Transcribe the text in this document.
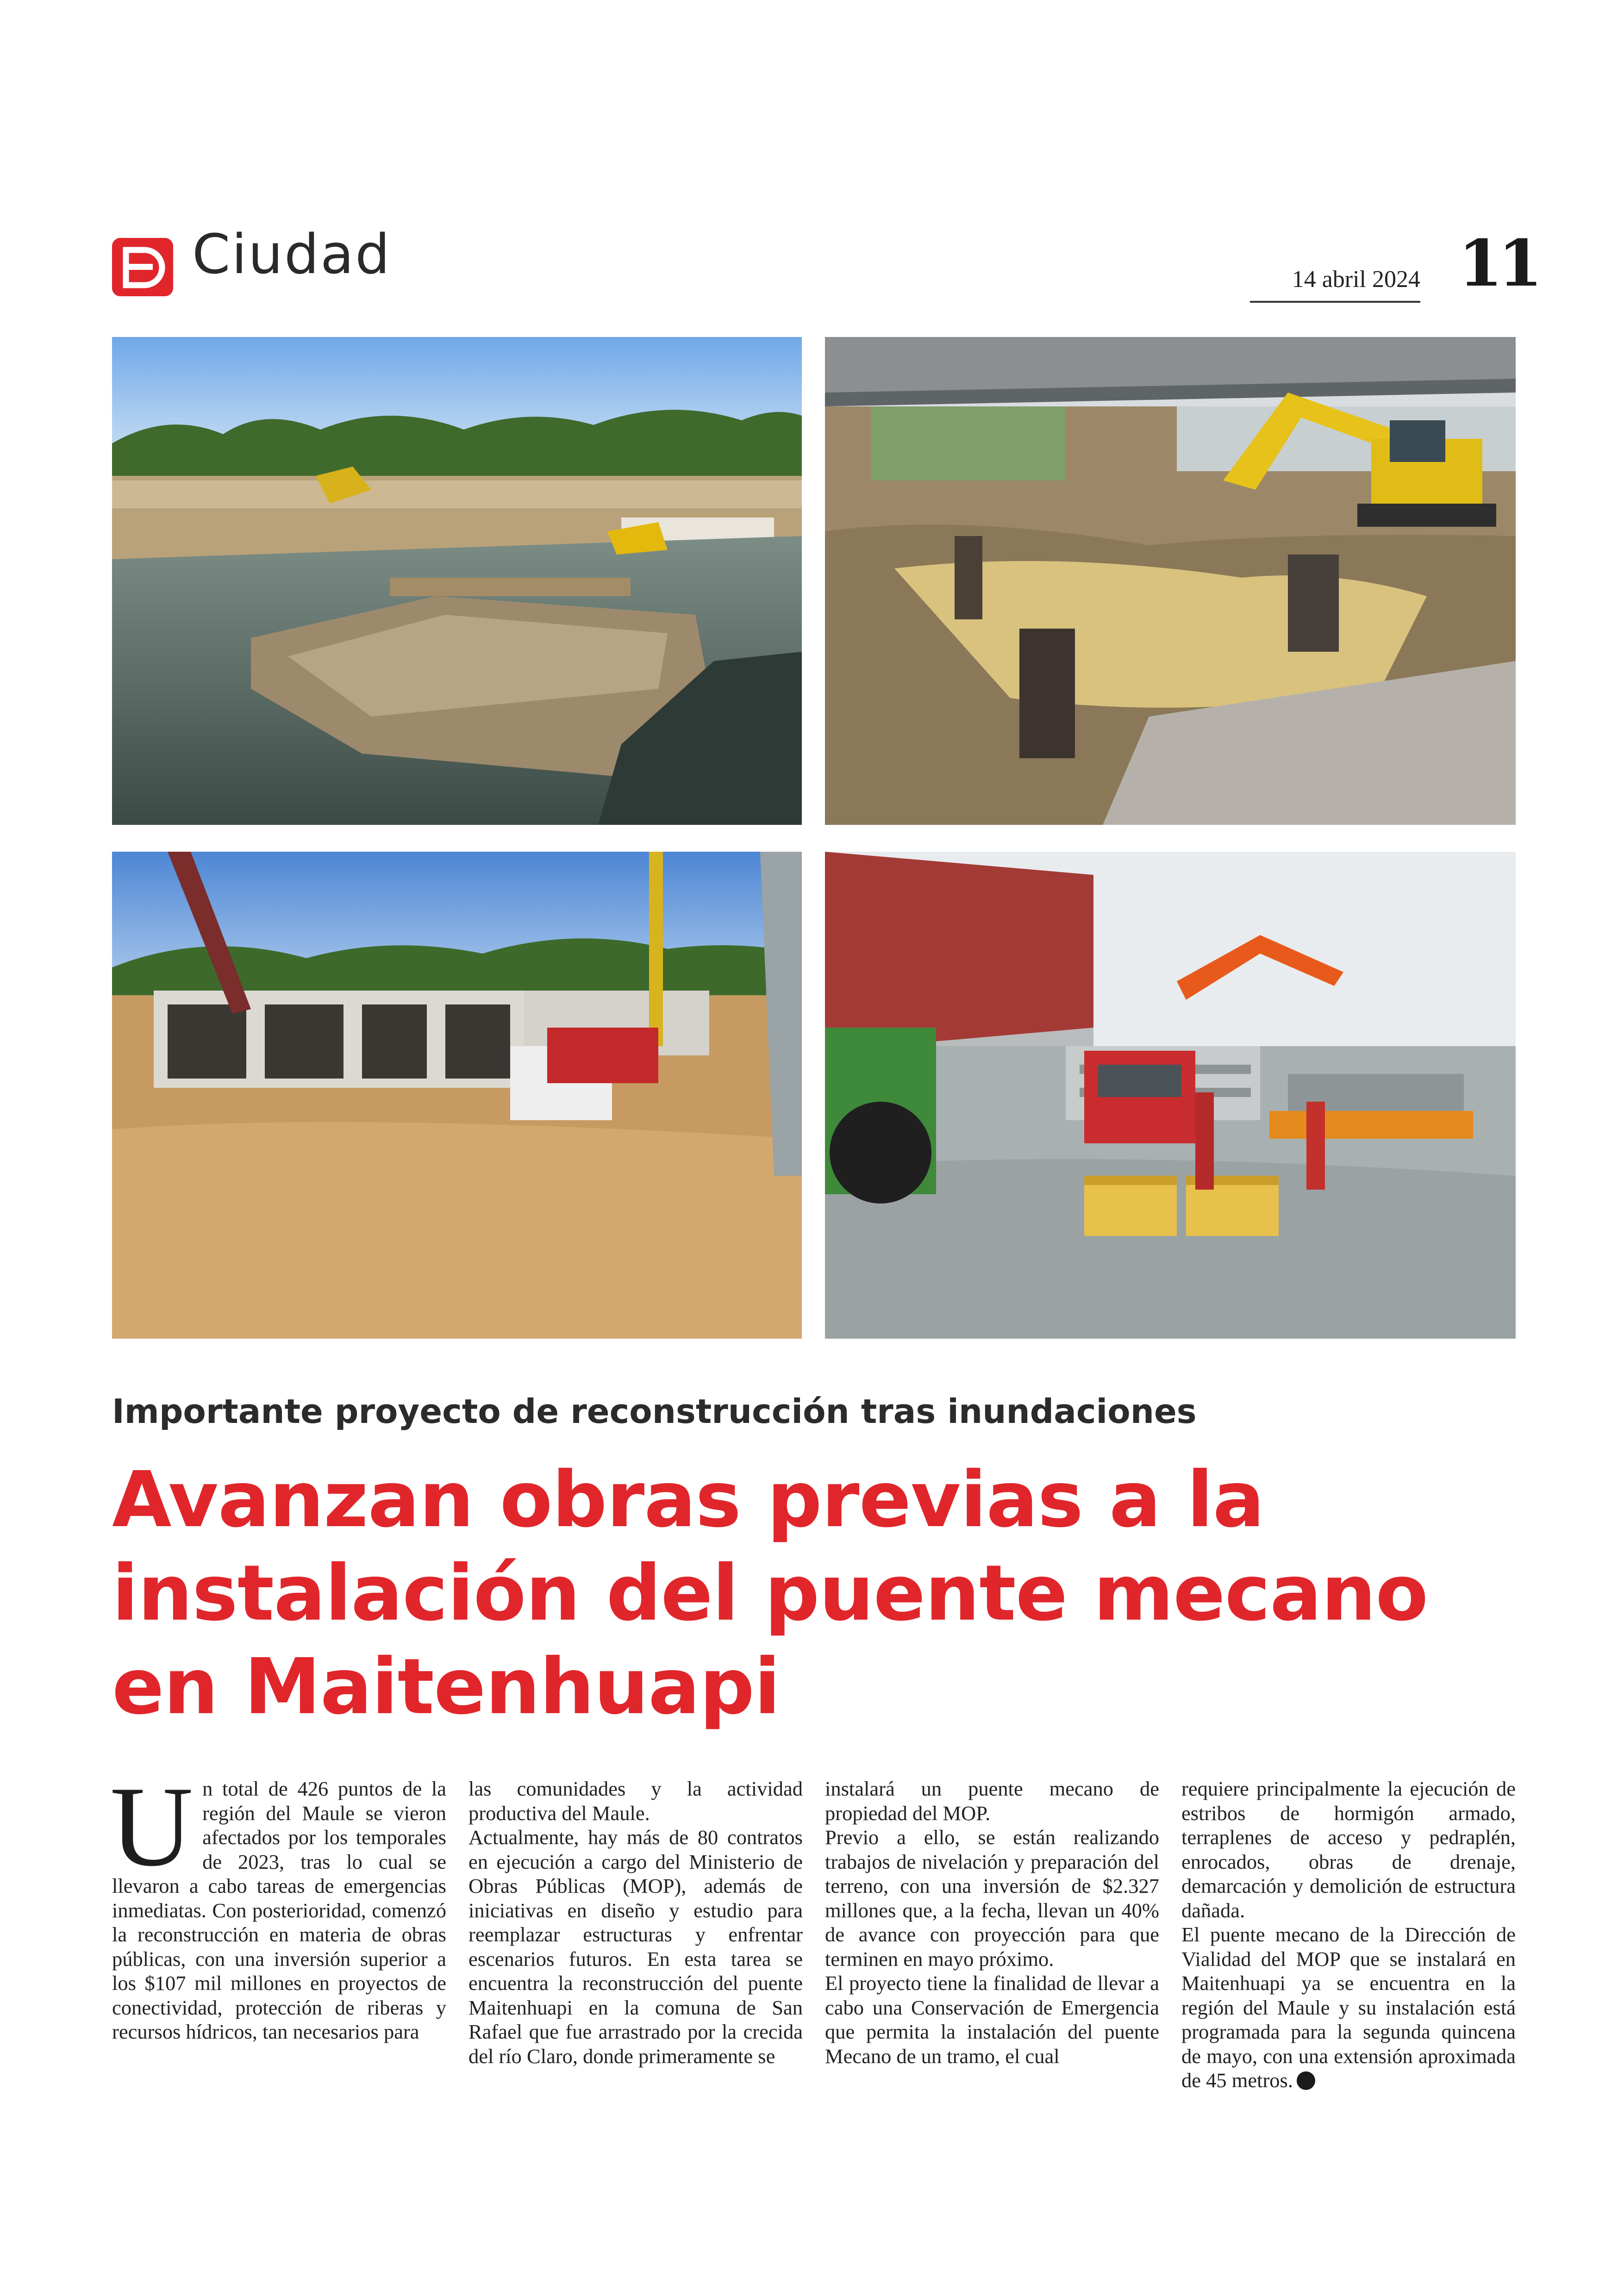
Ciudad	14 abril 2024 11
Importante proyecto de reconstrucción tras inundaciones
Avanzan obras previas a la
instalación del puente mecano
en Maitenhuapi

Un total de 426 puntos de la región del Maule se vieron afectados por los temporales de 2023, tras lo cual se llevaron a cabo tareas de emergencias inmediatas. Con posterioridad, comenzó la reconstrucción en materia de obras públicas, con una inversión superior a los $107 mil millones en proyectos de conectividad, protección de riberas y recursos hídricos, tan necesarios para

las comunidades y la actividad productiva del Maule.

Actualmente, hay más de 80 contratos en ejecución a cargo del Ministerio de Obras Públicas (MOP), además de iniciativas en diseño y estudio para reemplazar estructuras y enfrentar escenarios futuros. En esta tarea se encuentra la reconstrucción del puente Maitenhuapi en la comuna de San Rafael que fue arrastrado por la crecida del río Claro, donde primeramente se

instalará un puente mecano de propiedad del MOP.

Previo a ello, se están realizando trabajos de nivelación y preparación del terreno, con una inversión de $2.327 millones que, a la fecha, llevan un 40% de avance con proyección para que terminen en mayo próximo.

El proyecto tiene la finalidad de llevar a cabo una Conservación de Emergencia que permita la instalación del puente Mecano de un tramo, el cual

requiere principalmente la ejecución de estribos de hormigón armado, terraplenes de acceso y pedraplén, enrocados, obras de drenaje, demarcación y demolición de estructura dañada.

El puente mecano de la Dirección de Vialidad del MOP que se instalará en Maitenhuapi ya se encuentra en la región del Maule y su instalación está programada para la segunda quincena de mayo, con una extensión aproximada de 45 metros.
